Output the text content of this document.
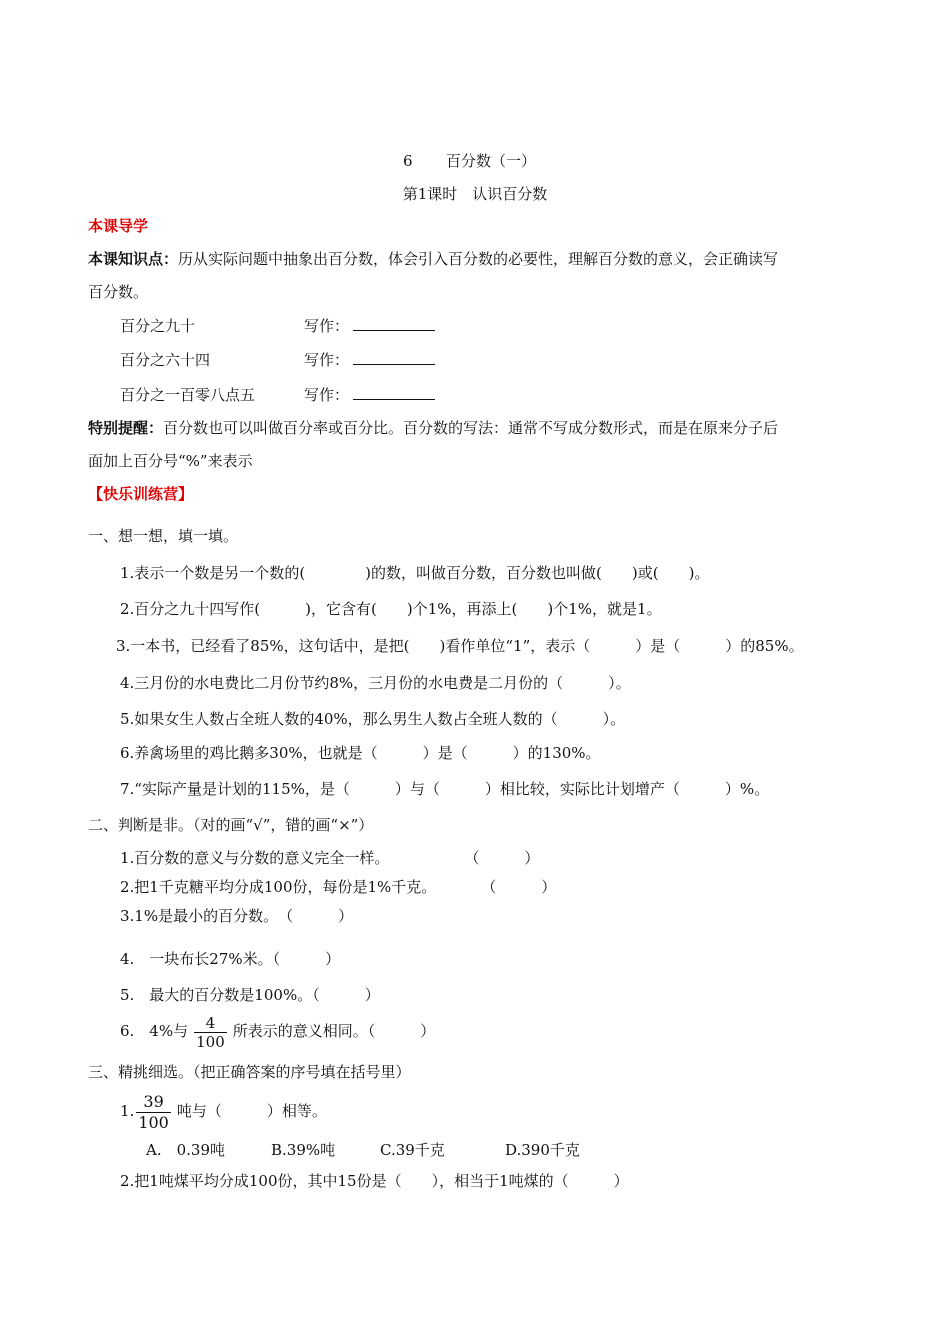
6 百分数（一）
第1课时　认识百分数
本课导学
本课知识点：历从实际问题中抽象出百分数，体会引入百分数的必要性，理解百分数的意义，会正确读写
百分数。
百分之九十	写作：
百分之六十四	写作：
百分之一百零八点五	写作：
特别提醒：百分数也可以叫做百分率或百分比。百分数的写法：通常不写成分数形式，而是在原来分子后
面加上百分号“%”来表示
【快乐训练营】
一、想一想，填一填。
1.表示一个数是另一个数的(　　　　)的数，叫做百分数，百分数也叫做(　　)或(　　)。
2.百分之九十四写作(　　　)，它含有(　　)个1%，再添上(　　)个1%，就是1。
3.一本书，已经看了85%，这句话中，是把(　　)看作单位“1”，表示（　　　）是（　　　）的85%。
4.三月份的水电费比二月份节约8%，三月份的水电费是二月份的（　　　）。
5.如果女生人数占全班人数的40%，那么男生人数占全班人数的（　　　）。
6.养禽场里的鸡比鹅多30%，也就是（　　　）是（　　　）的130%。
7.“实际产量是计划的115%，是（　　　）与（　　　）相比较，实际比计划增产（　　　）%。
二、判断是非。（对的画“√”，错的画“×”）
1.百分数的意义与分数的意义完全一样。　　　　　　（　　　）
2.把1千克糖平均分成100份，每份是1%千克。　　　　（　　　）
3.1%是最小的百分数。　（　　　）
4.　一块布长27%米。（　　　）
5.　最大的百分数是100%。（　　　）
6.　4%与 $\frac{4}{100}$ 所表示的意义相同。（　　　）
三、精挑细选。（把正确答案的序号填在括号里）
1. $\frac{39}{100}$ 吨与（　　　）相等。
A.　0.39吨	B.39%吨	C.39千克	D.390千克
2.把1吨煤平均分成100份，其中15份是（　　），相当于1吨煤的（　　　）
